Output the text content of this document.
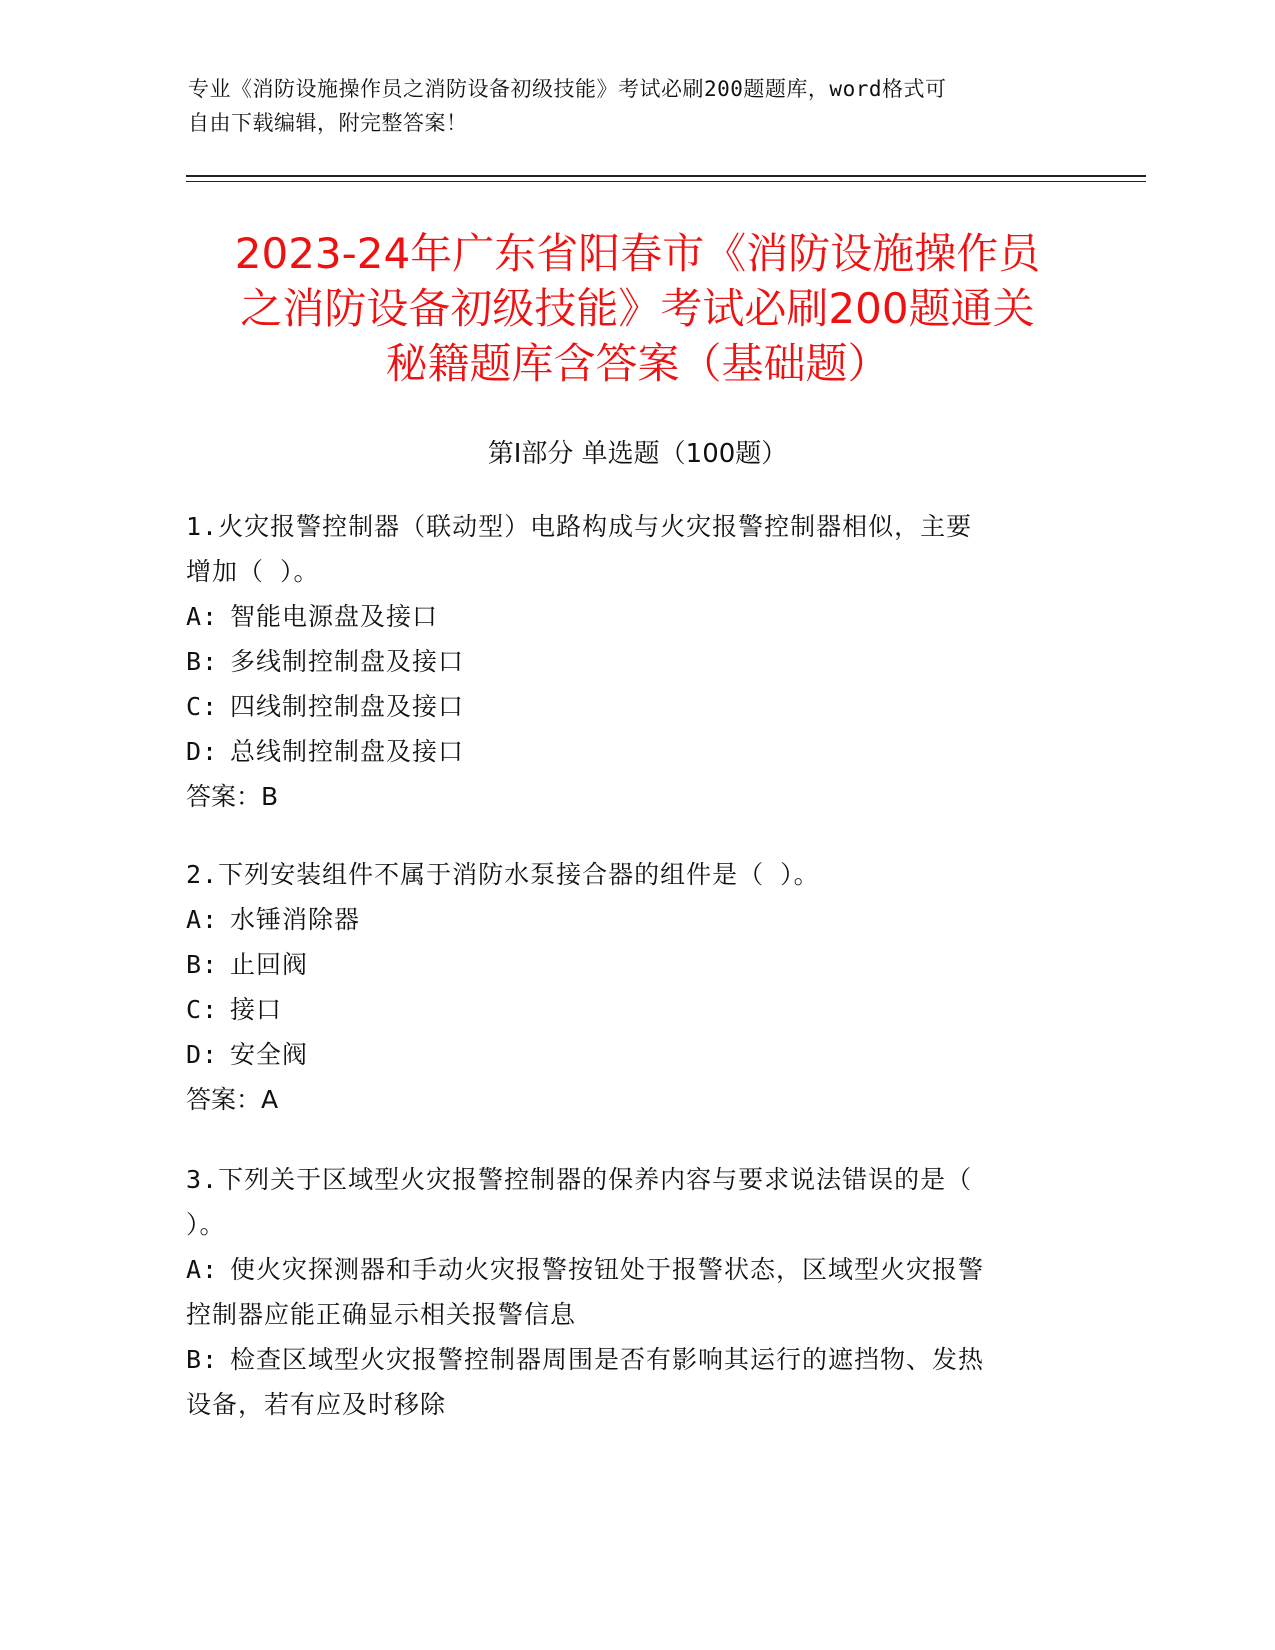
专业《消防设施操作员之消防设备初级技能》考试必刷200题题库，word格式可
自由下载编辑，附完整答案！
2023-24年广东省阳春市《消防设施操作员
之消防设备初级技能》考试必刷200题通关
秘籍题库含答案（基础题）
第Ⅰ部分 单选题（100题）
1.火灾报警控制器（联动型）电路构成与火灾报警控制器相似，主要
增加（ ）。
A: 智能电源盘及接口
B: 多线制控制盘及接口
C: 四线制控制盘及接口
D: 总线制控制盘及接口
答案：B
2.下列安装组件不属于消防水泵接合器的组件是（ ）。
A: 水锤消除器
B: 止回阀
C: 接口
D: 安全阀
答案：A
3.下列关于区域型火灾报警控制器的保养内容与要求说法错误的是（
）。
A: 使火灾探测器和手动火灾报警按钮处于报警状态，区域型火灾报警
控制器应能正确显示相关报警信息
B: 检查区域型火灾报警控制器周围是否有影响其运行的遮挡物、发热
设备，若有应及时移除
